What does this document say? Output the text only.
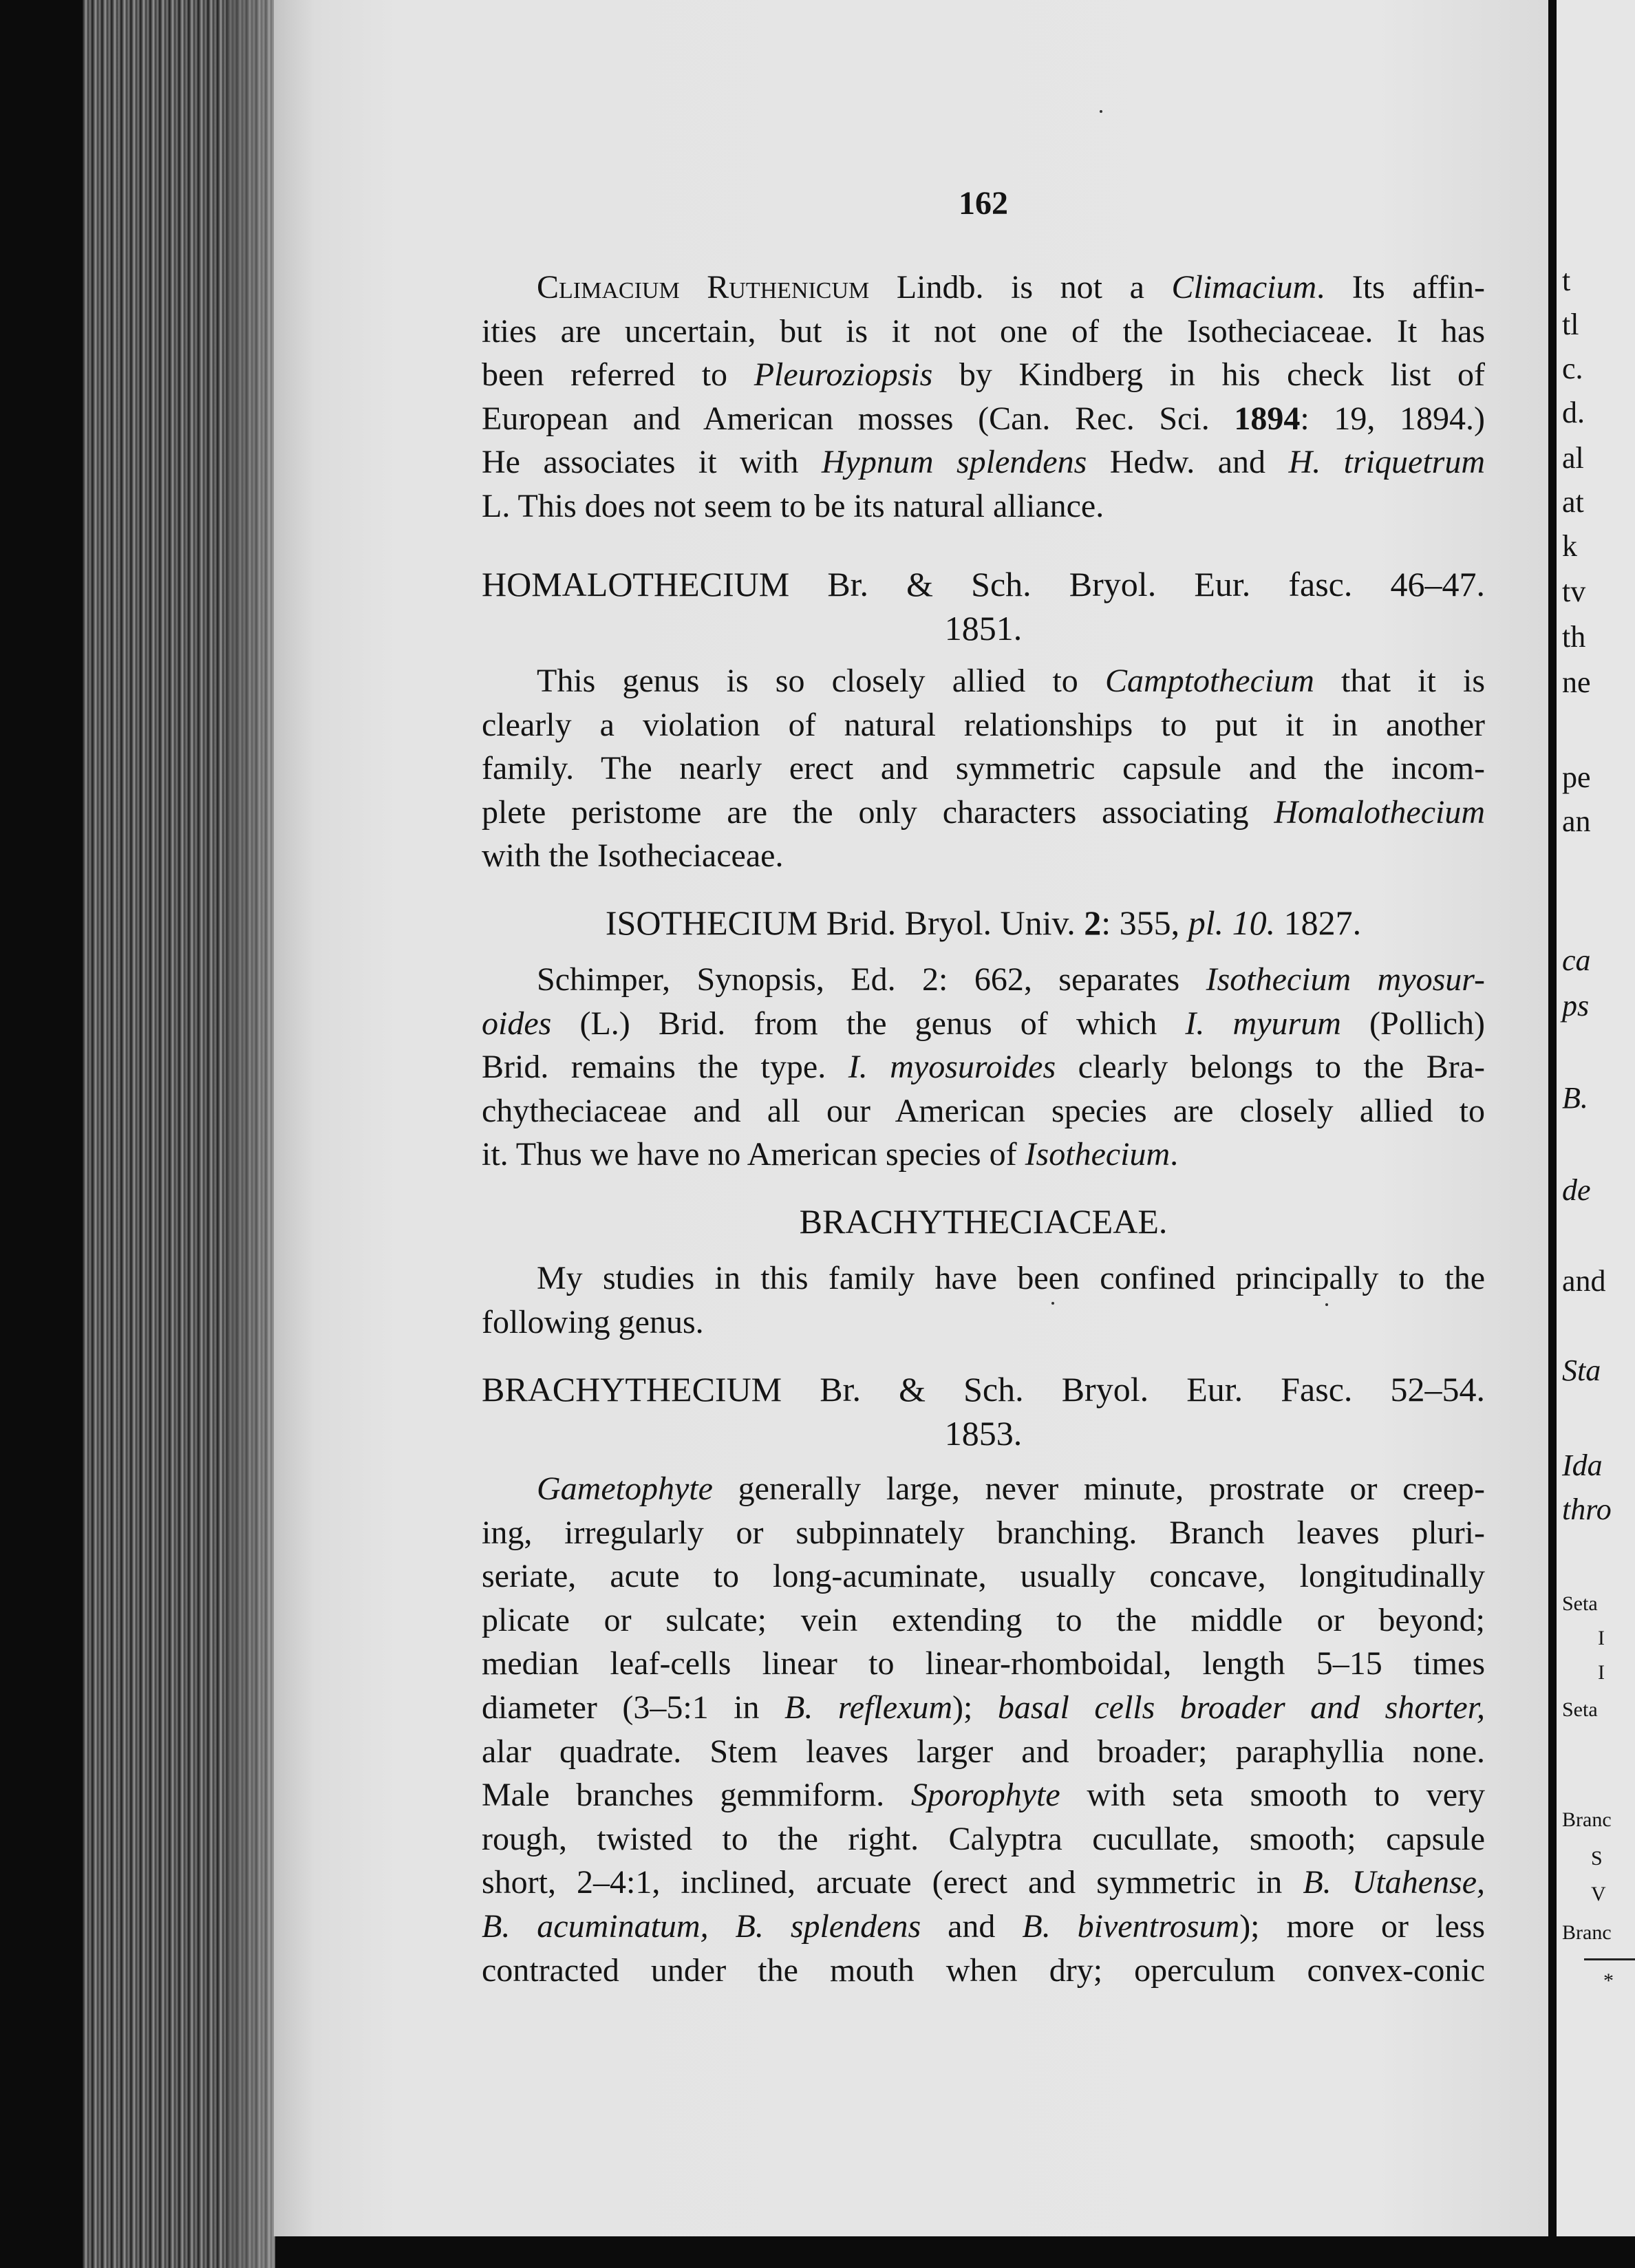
t
tl
c.
d.
al
at
k
tv
th
ne
pe
an
ca
ps
B.
de
and
Sta
Ida
thro
Seta
I
I
Seta
Branc
S
V
Branc
*
162
Climacium Ruthenicum Lindb. is not a Climacium. Its affin-
ities are uncertain, but is it not one of the Isotheciaceae. It has
been referred to Pleuroziopsis by Kindberg in his check list of
European and American mosses (Can. Rec. Sci. 1894: 19, 1894.)
He associates it with Hypnum splendens Hedw. and H. triquetrum
L. This does not seem to be its natural alliance.
HOMALOTHECIUM Br. & Sch. Bryol. Eur. fasc. 46–47.
1851.
This genus is so closely allied to Camptothecium that it is
clearly a violation of natural relationships to put it in another
family. The nearly erect and symmetric capsule and the incom-
plete peristome are the only characters associating Homalothecium
with the Isotheciaceae.
ISOTHECIUM Brid. Bryol. Univ. 2: 355, pl. 10. 1827.
Schimper, Synopsis, Ed. 2: 662, separates Isothecium myosur-
oides (L.) Brid. from the genus of which I. myurum (Pollich)
Brid. remains the type. I. myosuroides clearly belongs to the Bra-
chytheciaceae and all our American species are closely allied to
it. Thus we have no American species of Isothecium.
BRACHYTHECIACEAE.
My studies in this family have been confined principally to the
following genus.
BRACHYTHECIUM Br. & Sch. Bryol. Eur. Fasc. 52–54.
1853.
Gametophyte generally large, never minute, prostrate or creep-
ing, irregularly or subpinnately branching. Branch leaves pluri-
seriate, acute to long-acuminate, usually concave, longitudinally
plicate or sulcate; vein extending to the middle or beyond;
median leaf-cells linear to linear-rhomboidal, length 5–15 times
diameter (3–5:1 in B. reflexum); basal cells broader and shorter,
alar quadrate. Stem leaves larger and broader; paraphyllia none.
Male branches gemmiform. Sporophyte with seta smooth to very
rough, twisted to the right. Calyptra cucullate, smooth; capsule
short, 2–4:1, inclined, arcuate (erect and symmetric in B. Utahense,
B. acuminatum, B. splendens and B. biventrosum); more or less
contracted under the mouth when dry; operculum convex-conic
